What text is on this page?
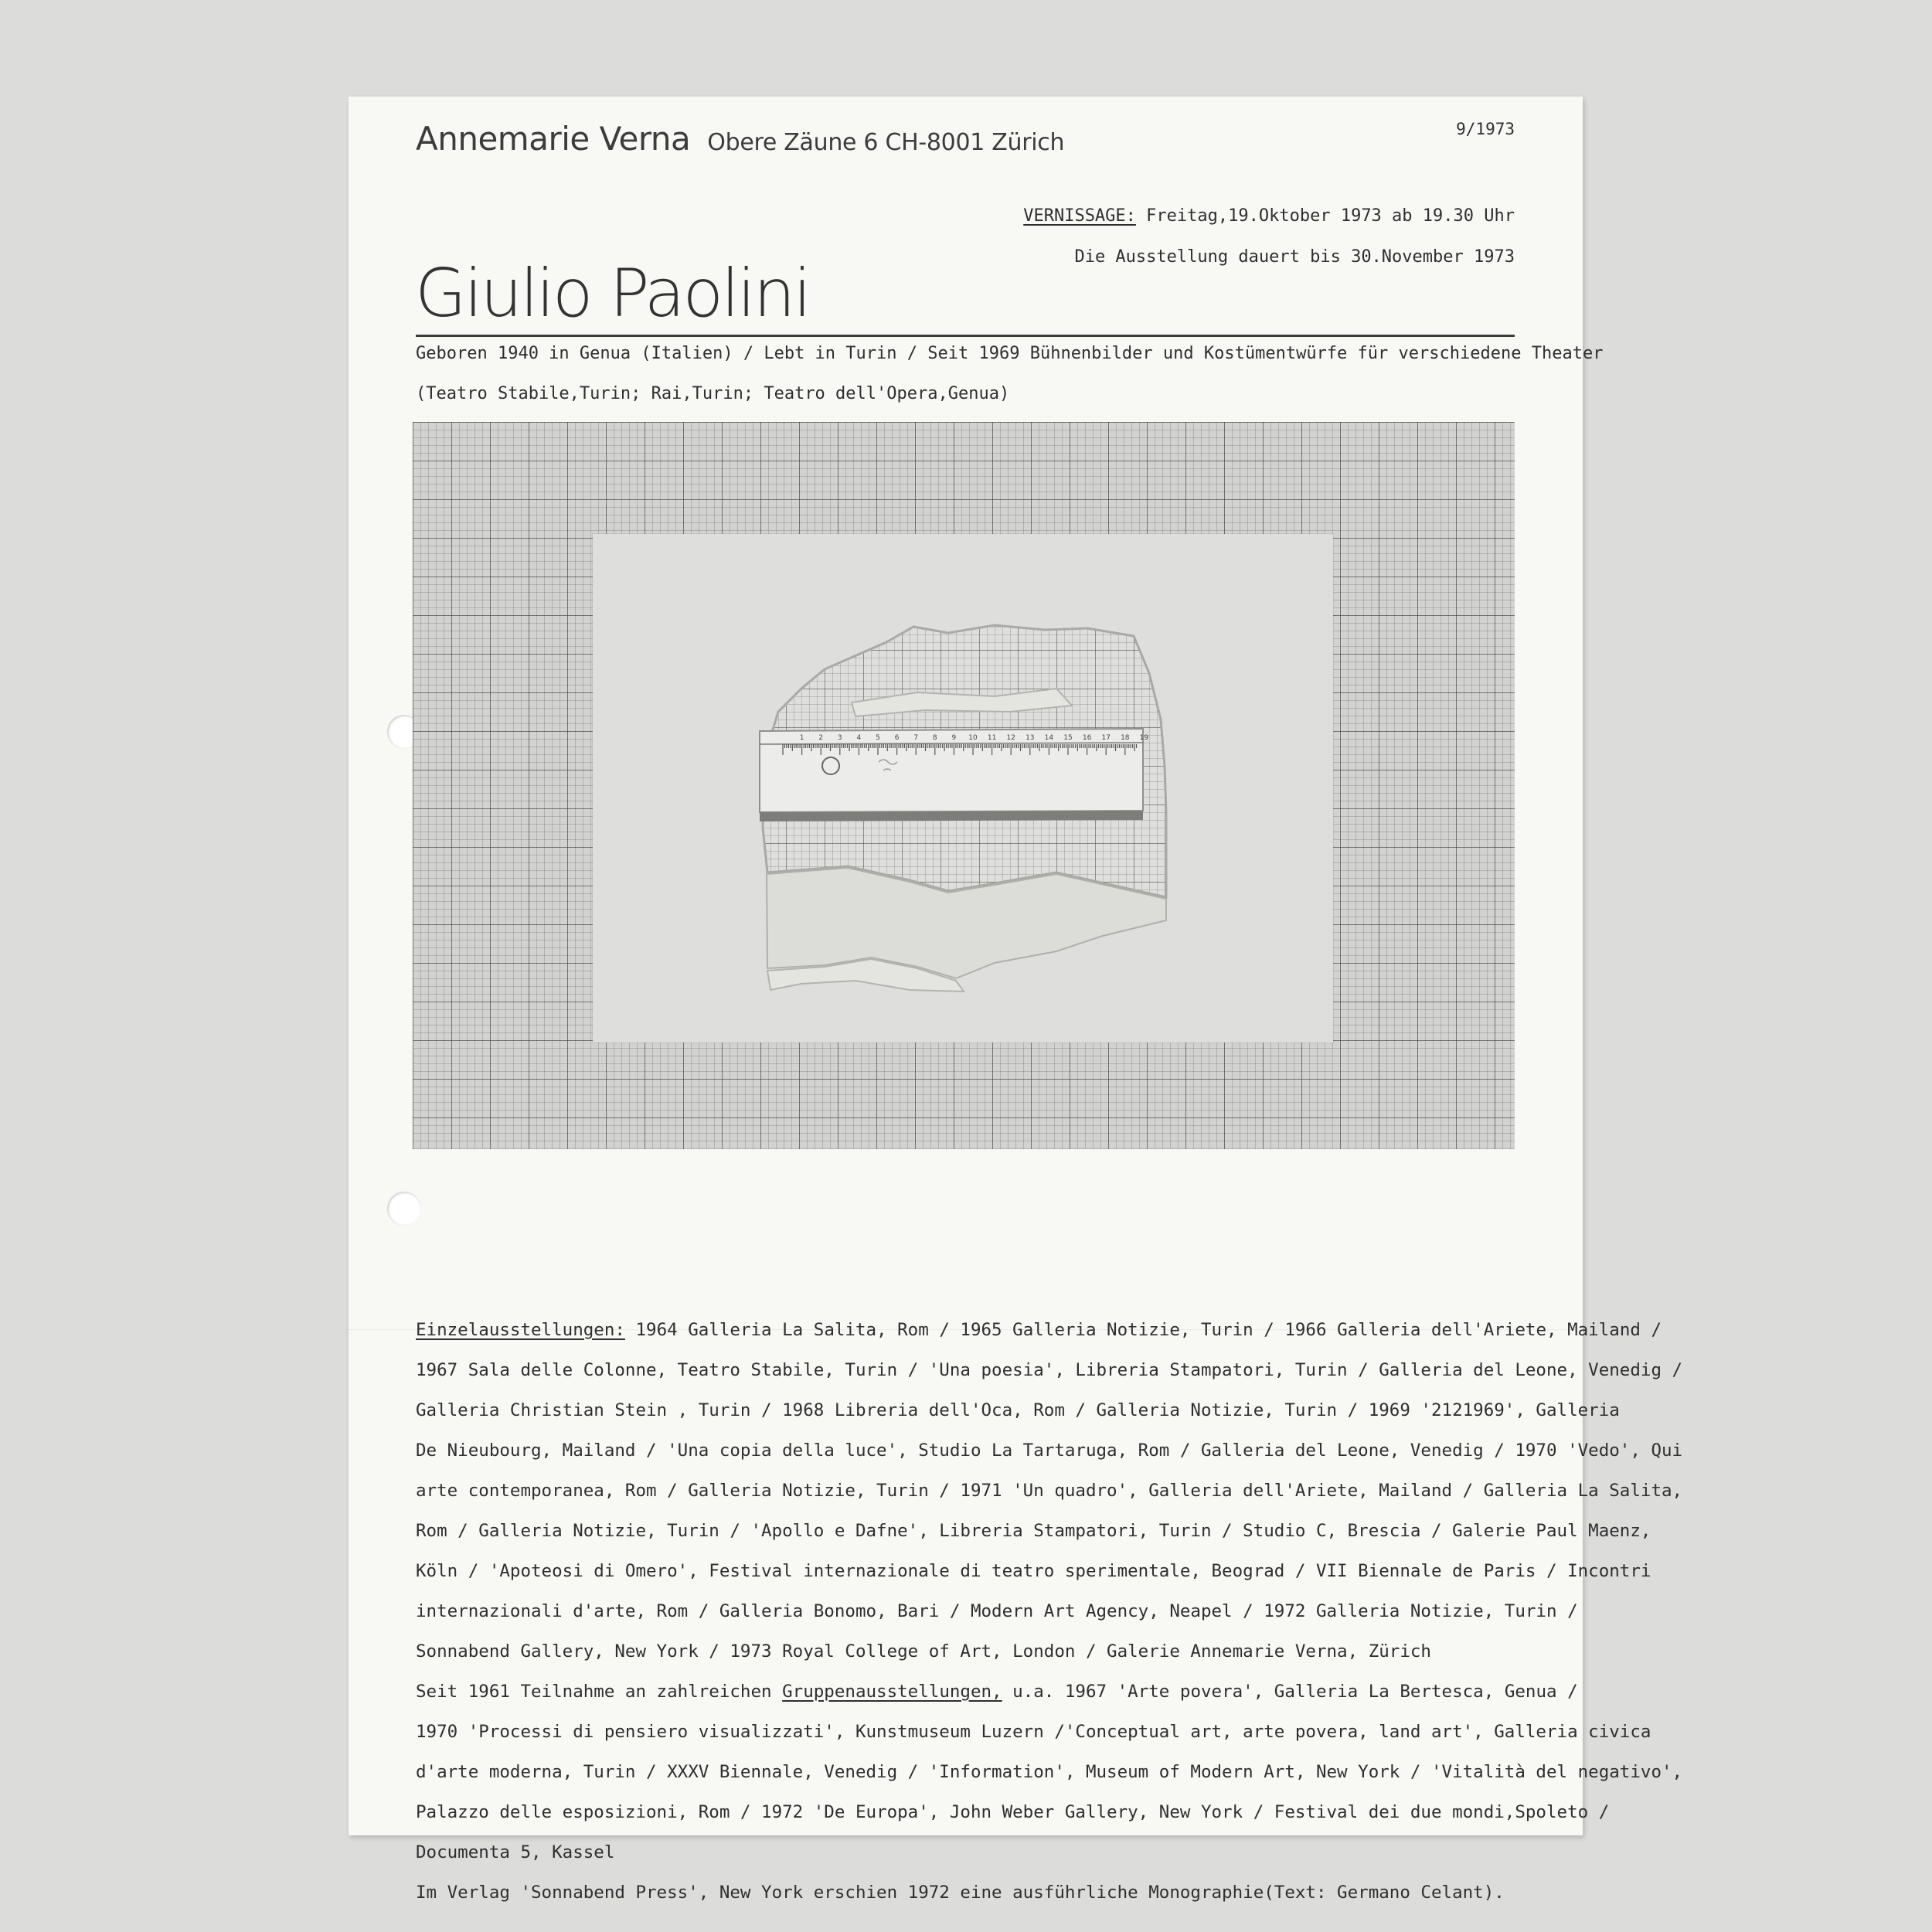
Annemarie Verna Obere Zäune 6 CH-8001 Zürich	9/1973
VERNISSAGE: Freitag,19.Oktober 1973 ab 19.30 Uhr
Die Ausstellung dauert bis 30.November 1973
Giulio Paolini
Geboren 1940 in Genua (Italien) / Lebt in Turin / Seit 1969 Bühnenbilder und Kostümentwürfe für verschiedene Theater
(Teatro Stabile,Turin; Rai,Turin; Teatro dell'Opera,Genua)
1 2 3 4 5 6 7 8 9 10 11 12 13 14 15 16 17 18 19
Einzelausstellungen: 1964 Galleria La Salita, Rom / 1965 Galleria Notizie, Turin / 1966 Galleria dell'Ariete, Mailand /
1967 Sala delle Colonne, Teatro Stabile, Turin / 'Una poesia', Libreria Stampatori, Turin / Galleria del Leone, Venedig /
Galleria Christian Stein , Turin / 1968 Libreria dell'Oca, Rom / Galleria Notizie, Turin / 1969 '2121969', Galleria
De Nieubourg, Mailand / 'Una copia della luce', Studio La Tartaruga, Rom / Galleria del Leone, Venedig / 1970 'Vedo', Qui
arte contemporanea, Rom / Galleria Notizie, Turin / 1971 'Un quadro', Galleria dell'Ariete, Mailand / Galleria La Salita,
Rom / Galleria Notizie, Turin / 'Apollo e Dafne', Libreria Stampatori, Turin / Studio C, Brescia / Galerie Paul Maenz,
Köln / 'Apoteosi di Omero', Festival internazionale di teatro sperimentale, Beograd / VII Biennale de Paris / Incontri
internazionali d'arte, Rom / Galleria Bonomo, Bari / Modern Art Agency, Neapel / 1972 Galleria Notizie, Turin /
Sonnabend Gallery, New York / 1973 Royal College of Art, London / Galerie Annemarie Verna, Zürich
Seit 1961 Teilnahme an zahlreichen Gruppenausstellungen, u.a. 1967 'Arte povera', Galleria La Bertesca, Genua /
1970 'Processi di pensiero visualizzati', Kunstmuseum Luzern /'Conceptual art, arte povera, land art', Galleria civica
d'arte moderna, Turin / XXXV Biennale, Venedig / 'Information', Museum of Modern Art, New York / 'Vitalità del negativo',
Palazzo delle esposizioni, Rom / 1972 'De Europa', John Weber Gallery, New York / Festival dei due mondi,Spoleto /
Documenta 5, Kassel
Im Verlag 'Sonnabend Press', New York erschien 1972 eine ausführliche Monographie(Text: Germano Celant).
